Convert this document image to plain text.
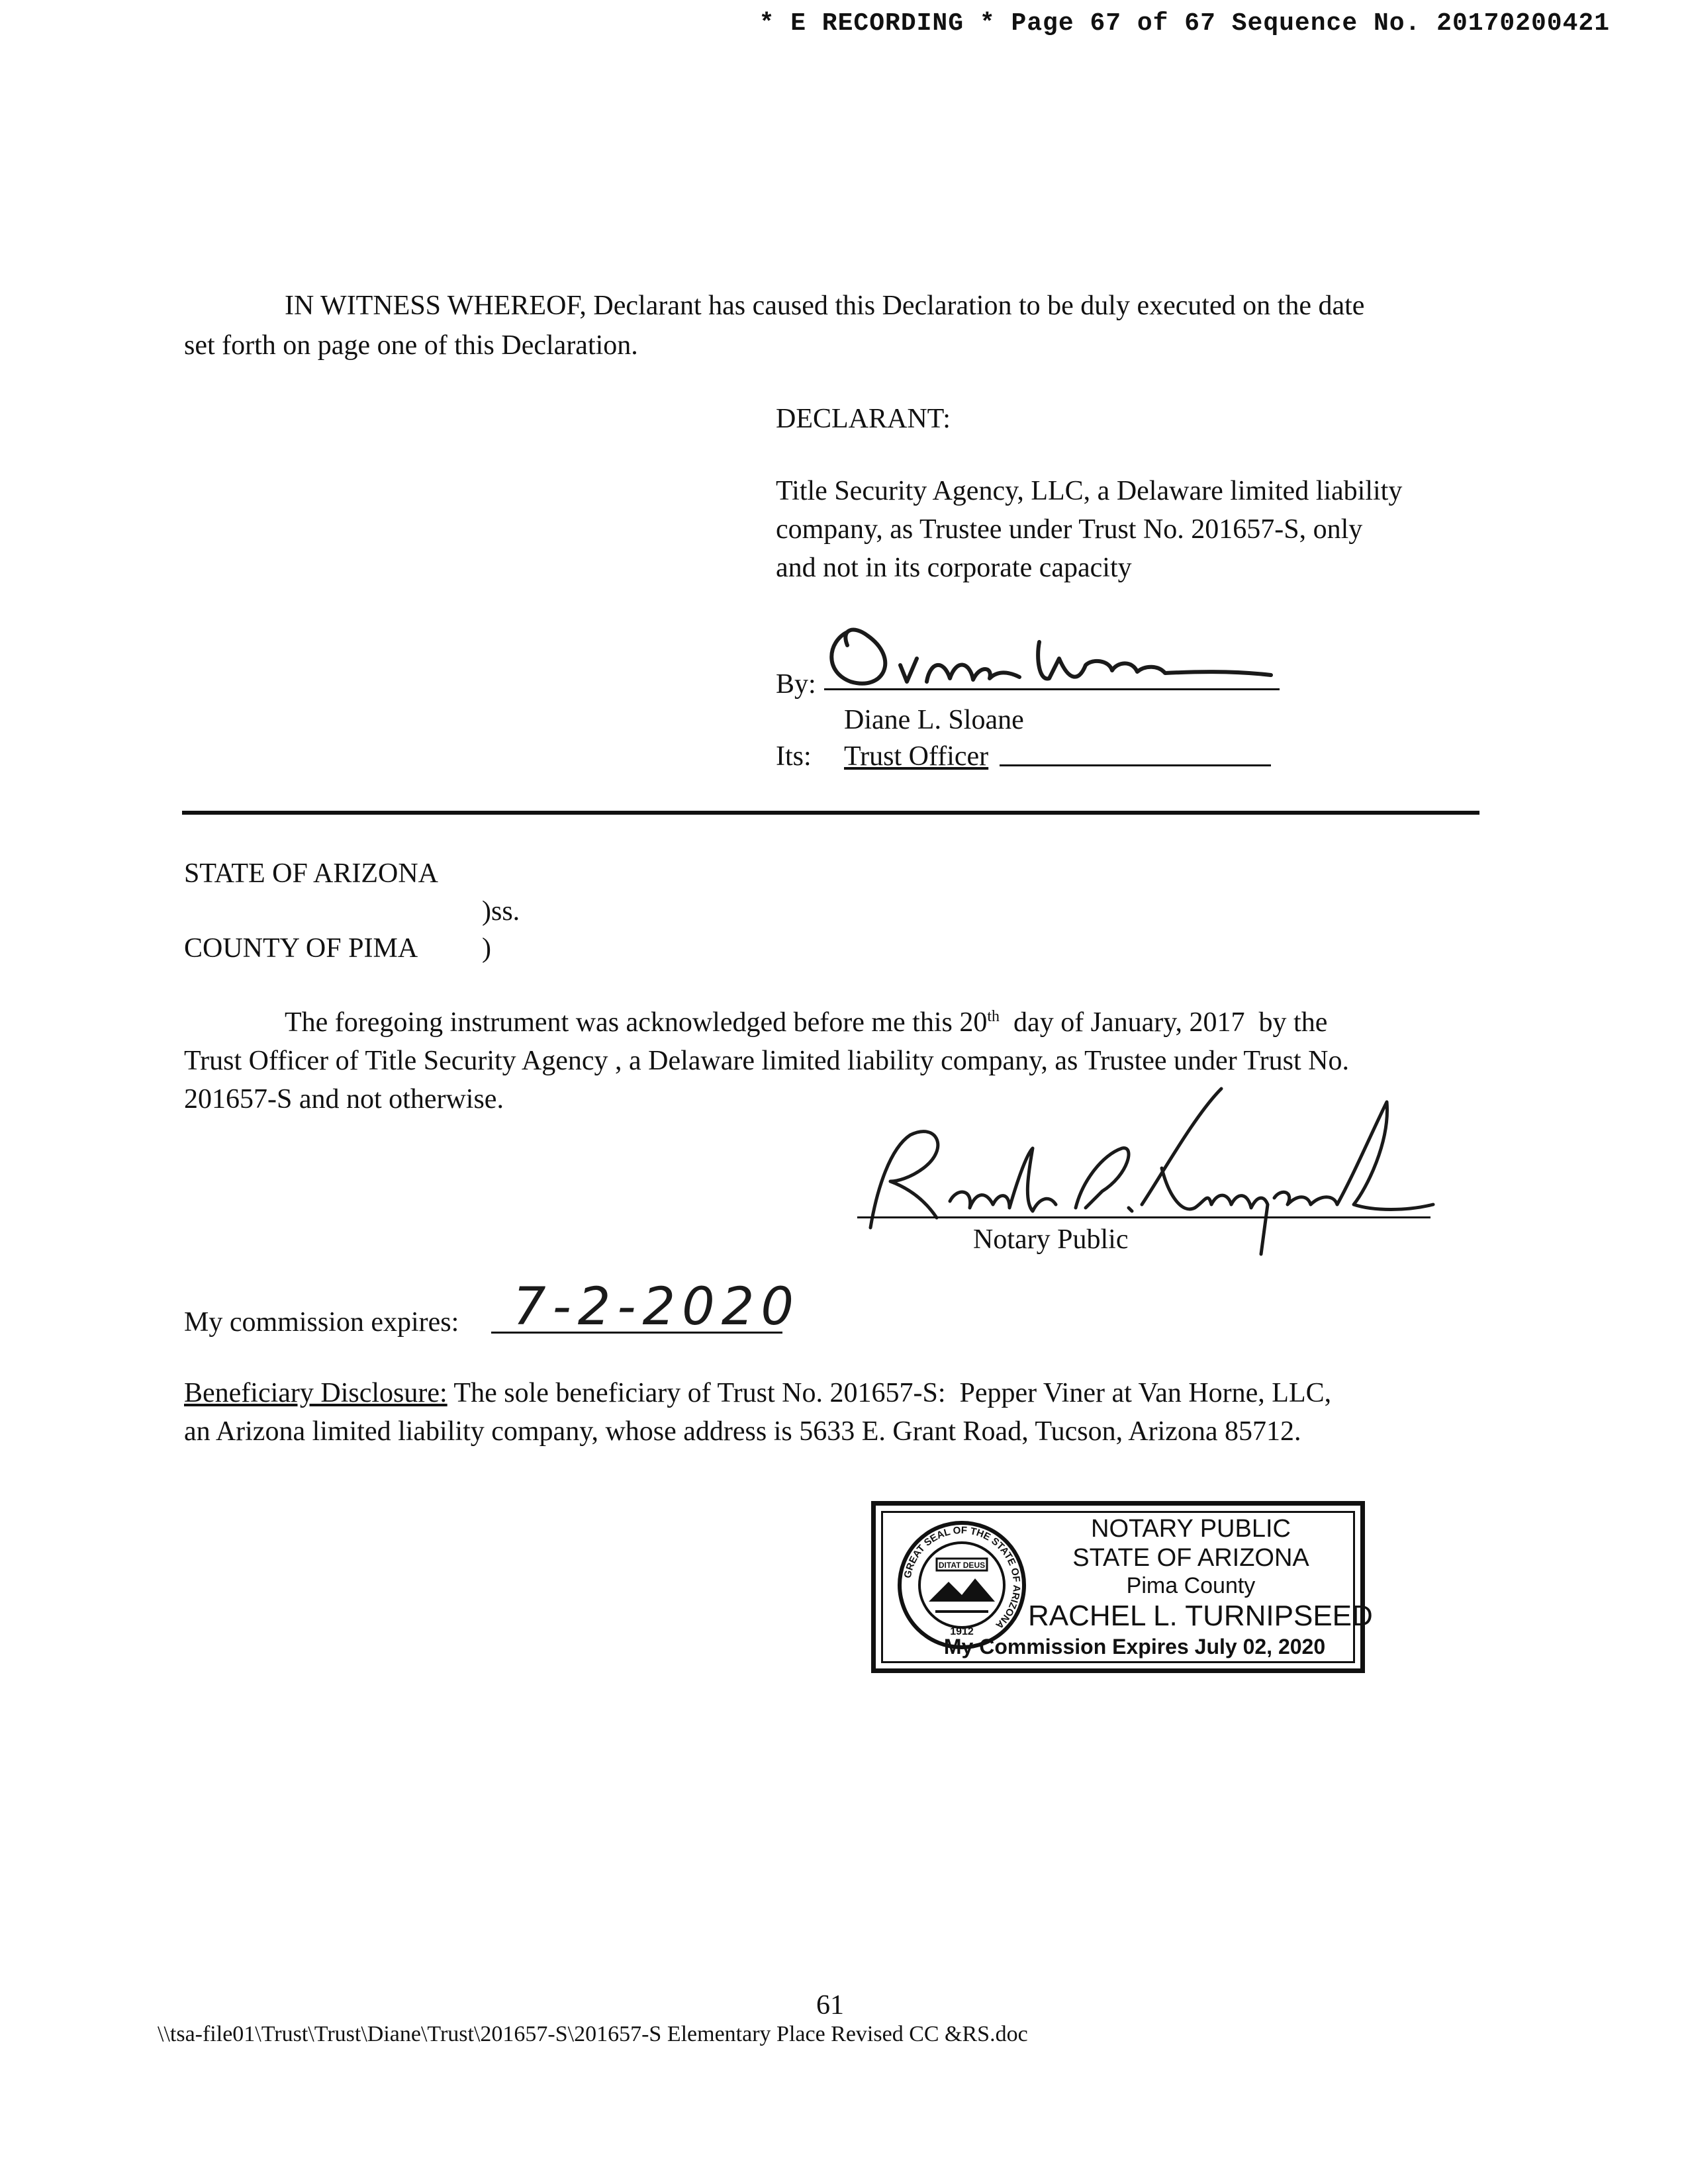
* E RECORDING * Page 67 of 67 Sequence No. 20170200421
IN WITNESS WHEREOF, Declarant has caused this Declaration to be duly executed on the date
set forth on page one of this Declaration.
DECLARANT:
Title Security Agency, LLC, a Delaware limited liability
company, as Trustee under Trust No. 201657-S, only
and not in its corporate capacity
By:
Diane L. Sloane
Its: Trust Officer
STATE OF ARIZONA
)ss.
COUNTY OF PIMA )
The foregoing instrument was acknowledged before me this 20th  day of January, 2017  by the
Trust Officer of Title Security Agency , a Delaware limited liability company, as Trustee under Trust No.
201657-S and not otherwise.
Notary Public
My commission expires: 7-2-2020
Beneficiary Disclosure: The sole beneficiary of Trust No. 201657-S:  Pepper Viner at Van Horne, LLC,
an Arizona limited liability company, whose address is 5633 E. Grant Road, Tucson, Arizona 85712.
GREAT SEAL OF THE STATE OF ARIZONA
DITAT DEUS
1912
NOTARY PUBLIC
STATE OF ARIZONA
Pima County
RACHEL L. TURNIPSEED
My Commission Expires July 02, 2020
61
\\tsa-file01\Trust\Trust\Diane\Trust\201657-S\201657-S Elementary Place Revised CC &RS.doc
